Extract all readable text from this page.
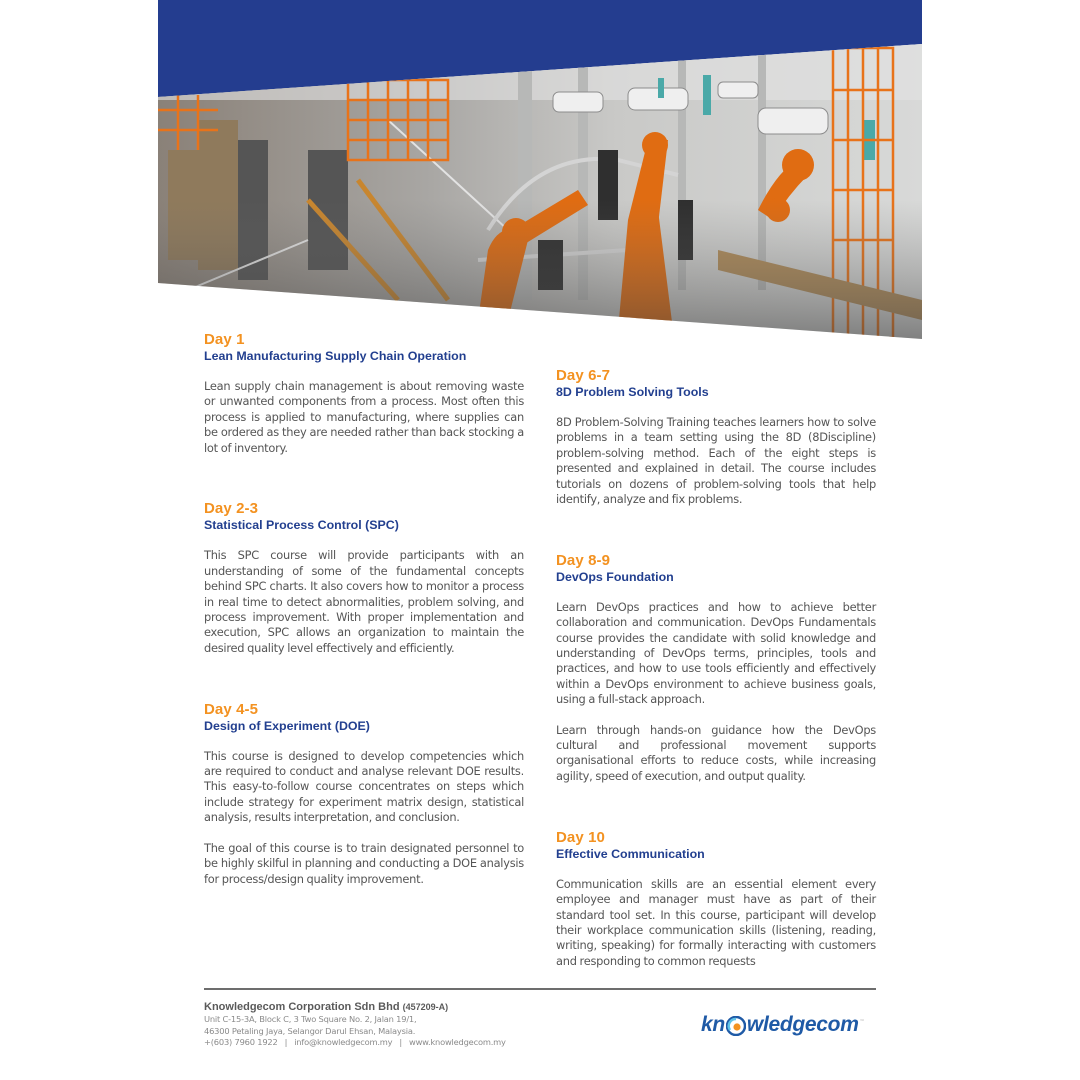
Day 1
Lean Manufacturing Supply Chain Operation

Lean supply chain management is about removing waste or unwanted components from a process. Most often this process is applied to manufacturing, where supplies can be ordered as they are needed rather than back stocking a lot of inventory.

Day 2-3
Statistical Process Control (SPC)

This SPC course will provide participants with an understanding of some of the fundamental concepts behind SPC charts. It also covers how to monitor a process in real time to detect abnormalities, problem solving, and process improvement. With proper implementation and execution, SPC allows an organization to maintain the desired quality level effectively and efficiently.

Day 4-5
Design of Experiment (DOE)

This course is designed to develop competencies which are required to conduct and analyse relevant DOE results. This easy-to-follow course concentrates on steps which include strategy for experiment matrix design, statistical analysis, results interpretation, and conclusion.

The goal of this course is to train designated personnel to be highly skilful in planning and conducting a DOE analysis for process/design quality improvement.

Day 6-7
8D Problem Solving Tools

8D Problem-Solving Training teaches learners how to solve problems in a team setting using the 8D (8Discipline) problem-solving method. Each of the eight steps is presented and explained in detail. The course includes tutorials on dozens of problem-solving tools that help identify, analyze and fix problems.

Day 8-9
DevOps Foundation

Learn DevOps practices and how to achieve better collaboration and communication. DevOps Fundamentals course provides the candidate with solid knowledge and understanding of DevOps terms, principles, tools and practices, and how to use tools efficiently and effectively within a DevOps environment to achieve business goals, using a full-stack approach.

Learn through hands-on guidance how the DevOps cultural and professional movement supports organisational efforts to reduce costs, while increasing agility, speed of execution, and output quality.

Day 10
Effective Communication

Communication skills are an essential element every employee and manager must have as part of their standard tool set. In this course, participant will develop their workplace communication skills (listening, reading, writing, speaking) for formally interacting with customers and responding to common requests

Knowledgecom Corporation Sdn Bhd (457209-A)
Unit C-15-3A, Block C, 3 Two Square No. 2, Jalan 19/1,
46300 Petaling Jaya, Selangor Darul Ehsan, Malaysia.
+(603) 7960 1922 | info@knowledgecom.my | www.knowledgecom.my
kn wledgecom ™
